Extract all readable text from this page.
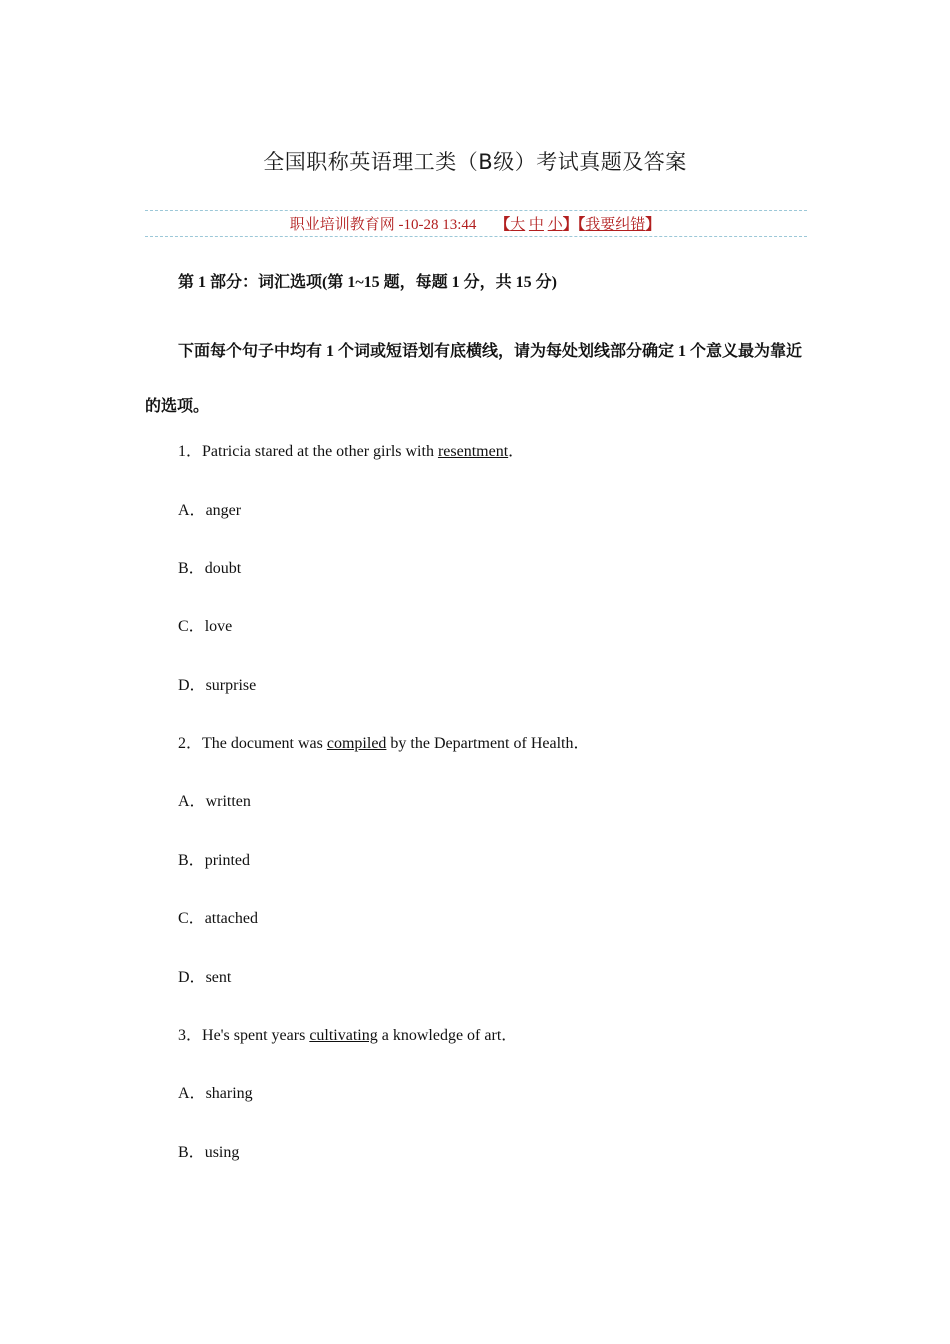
全国职称英语理工类（B级）考试真题及答案
职业培训教育网 -10-28 13:44 【大 中 小】【我要纠错】
第 1 部分：词汇选项(第 1~15 题，每题 1 分，共 15 分)
下面每个句子中均有 1 个词或短语划有底横线，请为每处划线部分确定 1 个意义最为靠近的选项。
1．Patricia stared at the other girls with resentment．
A．anger
B．doubt
C．love
D．surprise
2．The document was compiled by the Department of Health．
A．written
B．printed
C．attached
D．sent
3．He's spent years cultivating a knowledge of art．
A．sharing
B．using
